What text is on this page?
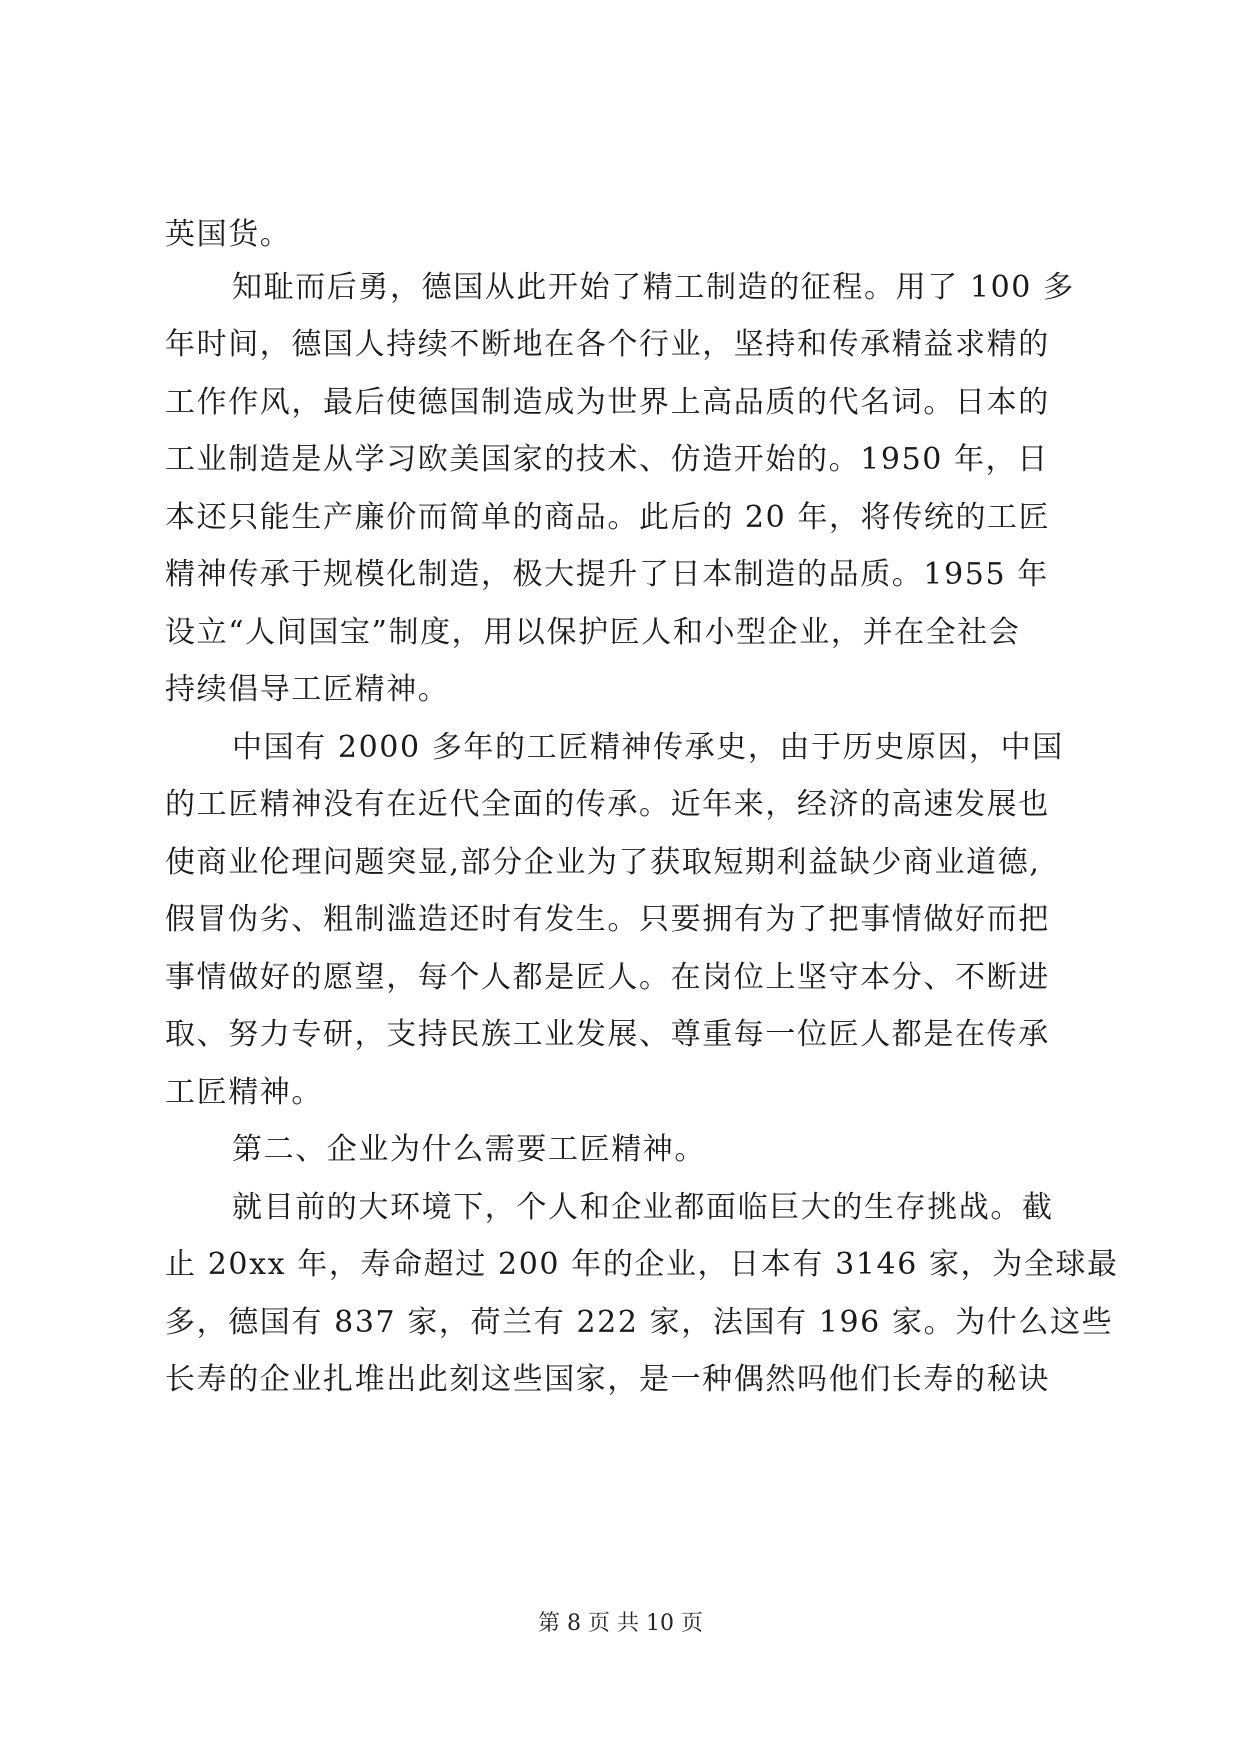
英国货。
知耻而后勇，德国从此开始了精工制造的征程。用了 100 多
年时间，德国人持续不断地在各个行业，坚持和传承精益求精的
工作作风，最后使德国制造成为世界上高品质的代名词。日本的
工业制造是从学习欧美国家的技术、仿造开始的。1950 年，日
本还只能生产廉价而简单的商品。此后的 20 年，将传统的工匠
精神传承于规模化制造，极大提升了日本制造的品质。1955 年
设立“人间国宝”制度，用以保护匠人和小型企业，并在全社会
持续倡导工匠精神。
中国有 2000 多年的工匠精神传承史，由于历史原因，中国
的工匠精神没有在近代全面的传承。近年来，经济的高速发展也
使商业伦理问题突显,部分企业为了获取短期利益缺少商业道德,
假冒伪劣、粗制滥造还时有发生。只要拥有为了把事情做好而把
事情做好的愿望，每个人都是匠人。在岗位上坚守本分、不断进
取、努力专研，支持民族工业发展、尊重每一位匠人都是在传承
工匠精神。
第二、企业为什么需要工匠精神。
就目前的大环境下，个人和企业都面临巨大的生存挑战。截
止 20xx 年，寿命超过 200 年的企业，日本有 3146 家，为全球最
多，德国有 837 家，荷兰有 222 家，法国有 196 家。为什么这些
长寿的企业扎堆出此刻这些国家，是一种偶然吗他们长寿的秘诀
第 8 页 共 10 页
